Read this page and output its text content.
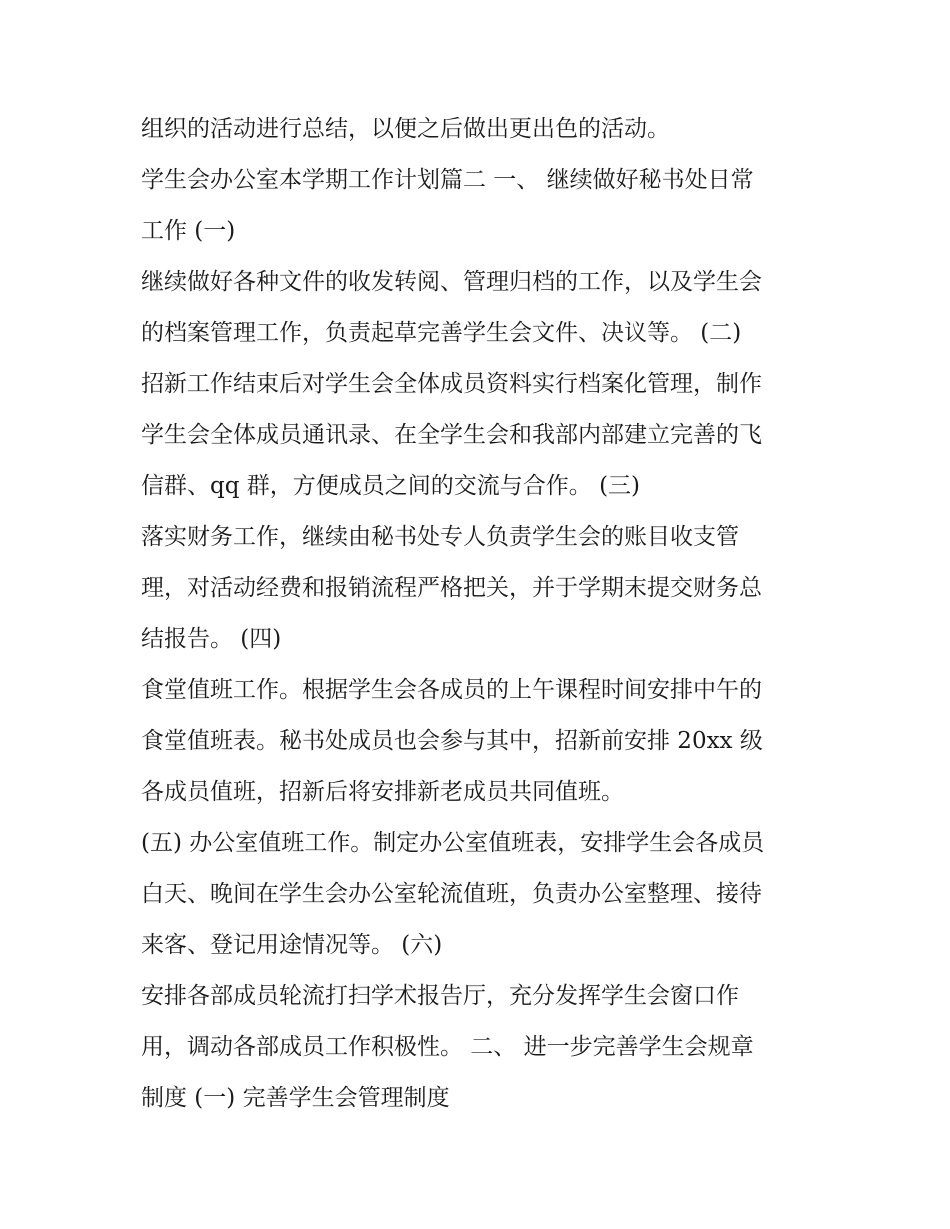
组织的活动进行总结，以便之后做出更出色的活动。
学生会办公室本学期工作计划篇二 一、 继续做好秘书处日常
工作 (一)
继续做好各种文件的收发转阅、管理归档的工作，以及学生会
的档案管理工作，负责起草完善学生会文件、决议等。 (二)
招新工作结束后对学生会全体成员资料实行档案化管理，制作
学生会全体成员通讯录、在全学生会和我部内部建立完善的飞
信群、qq 群，方便成员之间的交流与合作。 (三)
落实财务工作，继续由秘书处专人负责学生会的账目收支管
理，对活动经费和报销流程严格把关，并于学期末提交财务总
结报告。 (四)
食堂值班工作。根据学生会各成员的上午课程时间安排中午的
食堂值班表。秘书处成员也会参与其中，招新前安排 20xx 级
各成员值班，招新后将安排新老成员共同值班。
(五) 办公室值班工作。制定办公室值班表，安排学生会各成员
白天、晚间在学生会办公室轮流值班，负责办公室整理、接待
来客、登记用途情况等。 (六)
安排各部成员轮流打扫学术报告厅，充分发挥学生会窗口作
用，调动各部成员工作积极性。 二、 进一步完善学生会规章
制度 (一) 完善学生会管理制度
